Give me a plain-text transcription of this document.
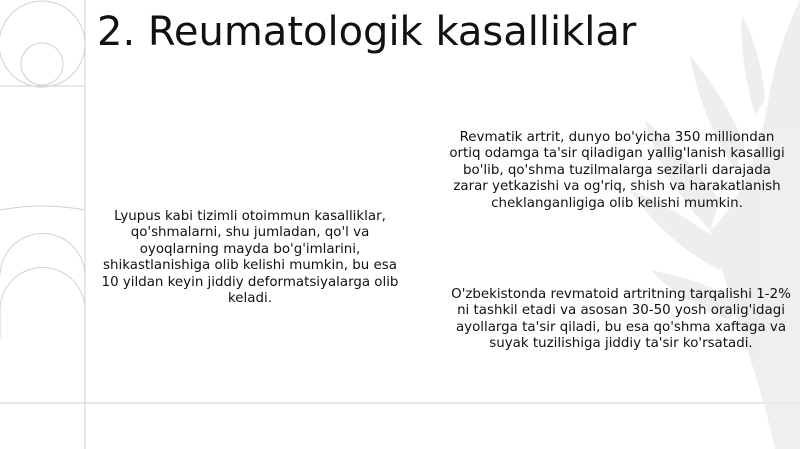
2. Reumatologik kasalliklar

Lyupus kabi tizimli otoimmun kasalliklar, qo'shmalarni, shu jumladan, qo'l va oyoqlarning mayda bo'g'imlarini, shikastlanishiga olib kelishi mumkin, bu esa 10 yildan keyin jiddiy deformatsiyalarga olib keladi.

Revmatik artrit, dunyo bo'yicha 350 milliondan ortiq odamga ta'sir qiladigan yallig'lanish kasalligi bo'lib, qo'shma tuzilmalarga sezilarli darajada zarar yetkazishi va og'riq, shish va harakatlanish cheklanganligiga olib kelishi mumkin.

O'zbekistonda revmatoid artritning tarqalishi 1-2% ni tashkil etadi va asosan 30-50 yosh oralig'idagi ayollarga ta'sir qiladi, bu esa qo'shma xaftaga va suyak tuzilishiga jiddiy ta'sir ko'rsatadi.
